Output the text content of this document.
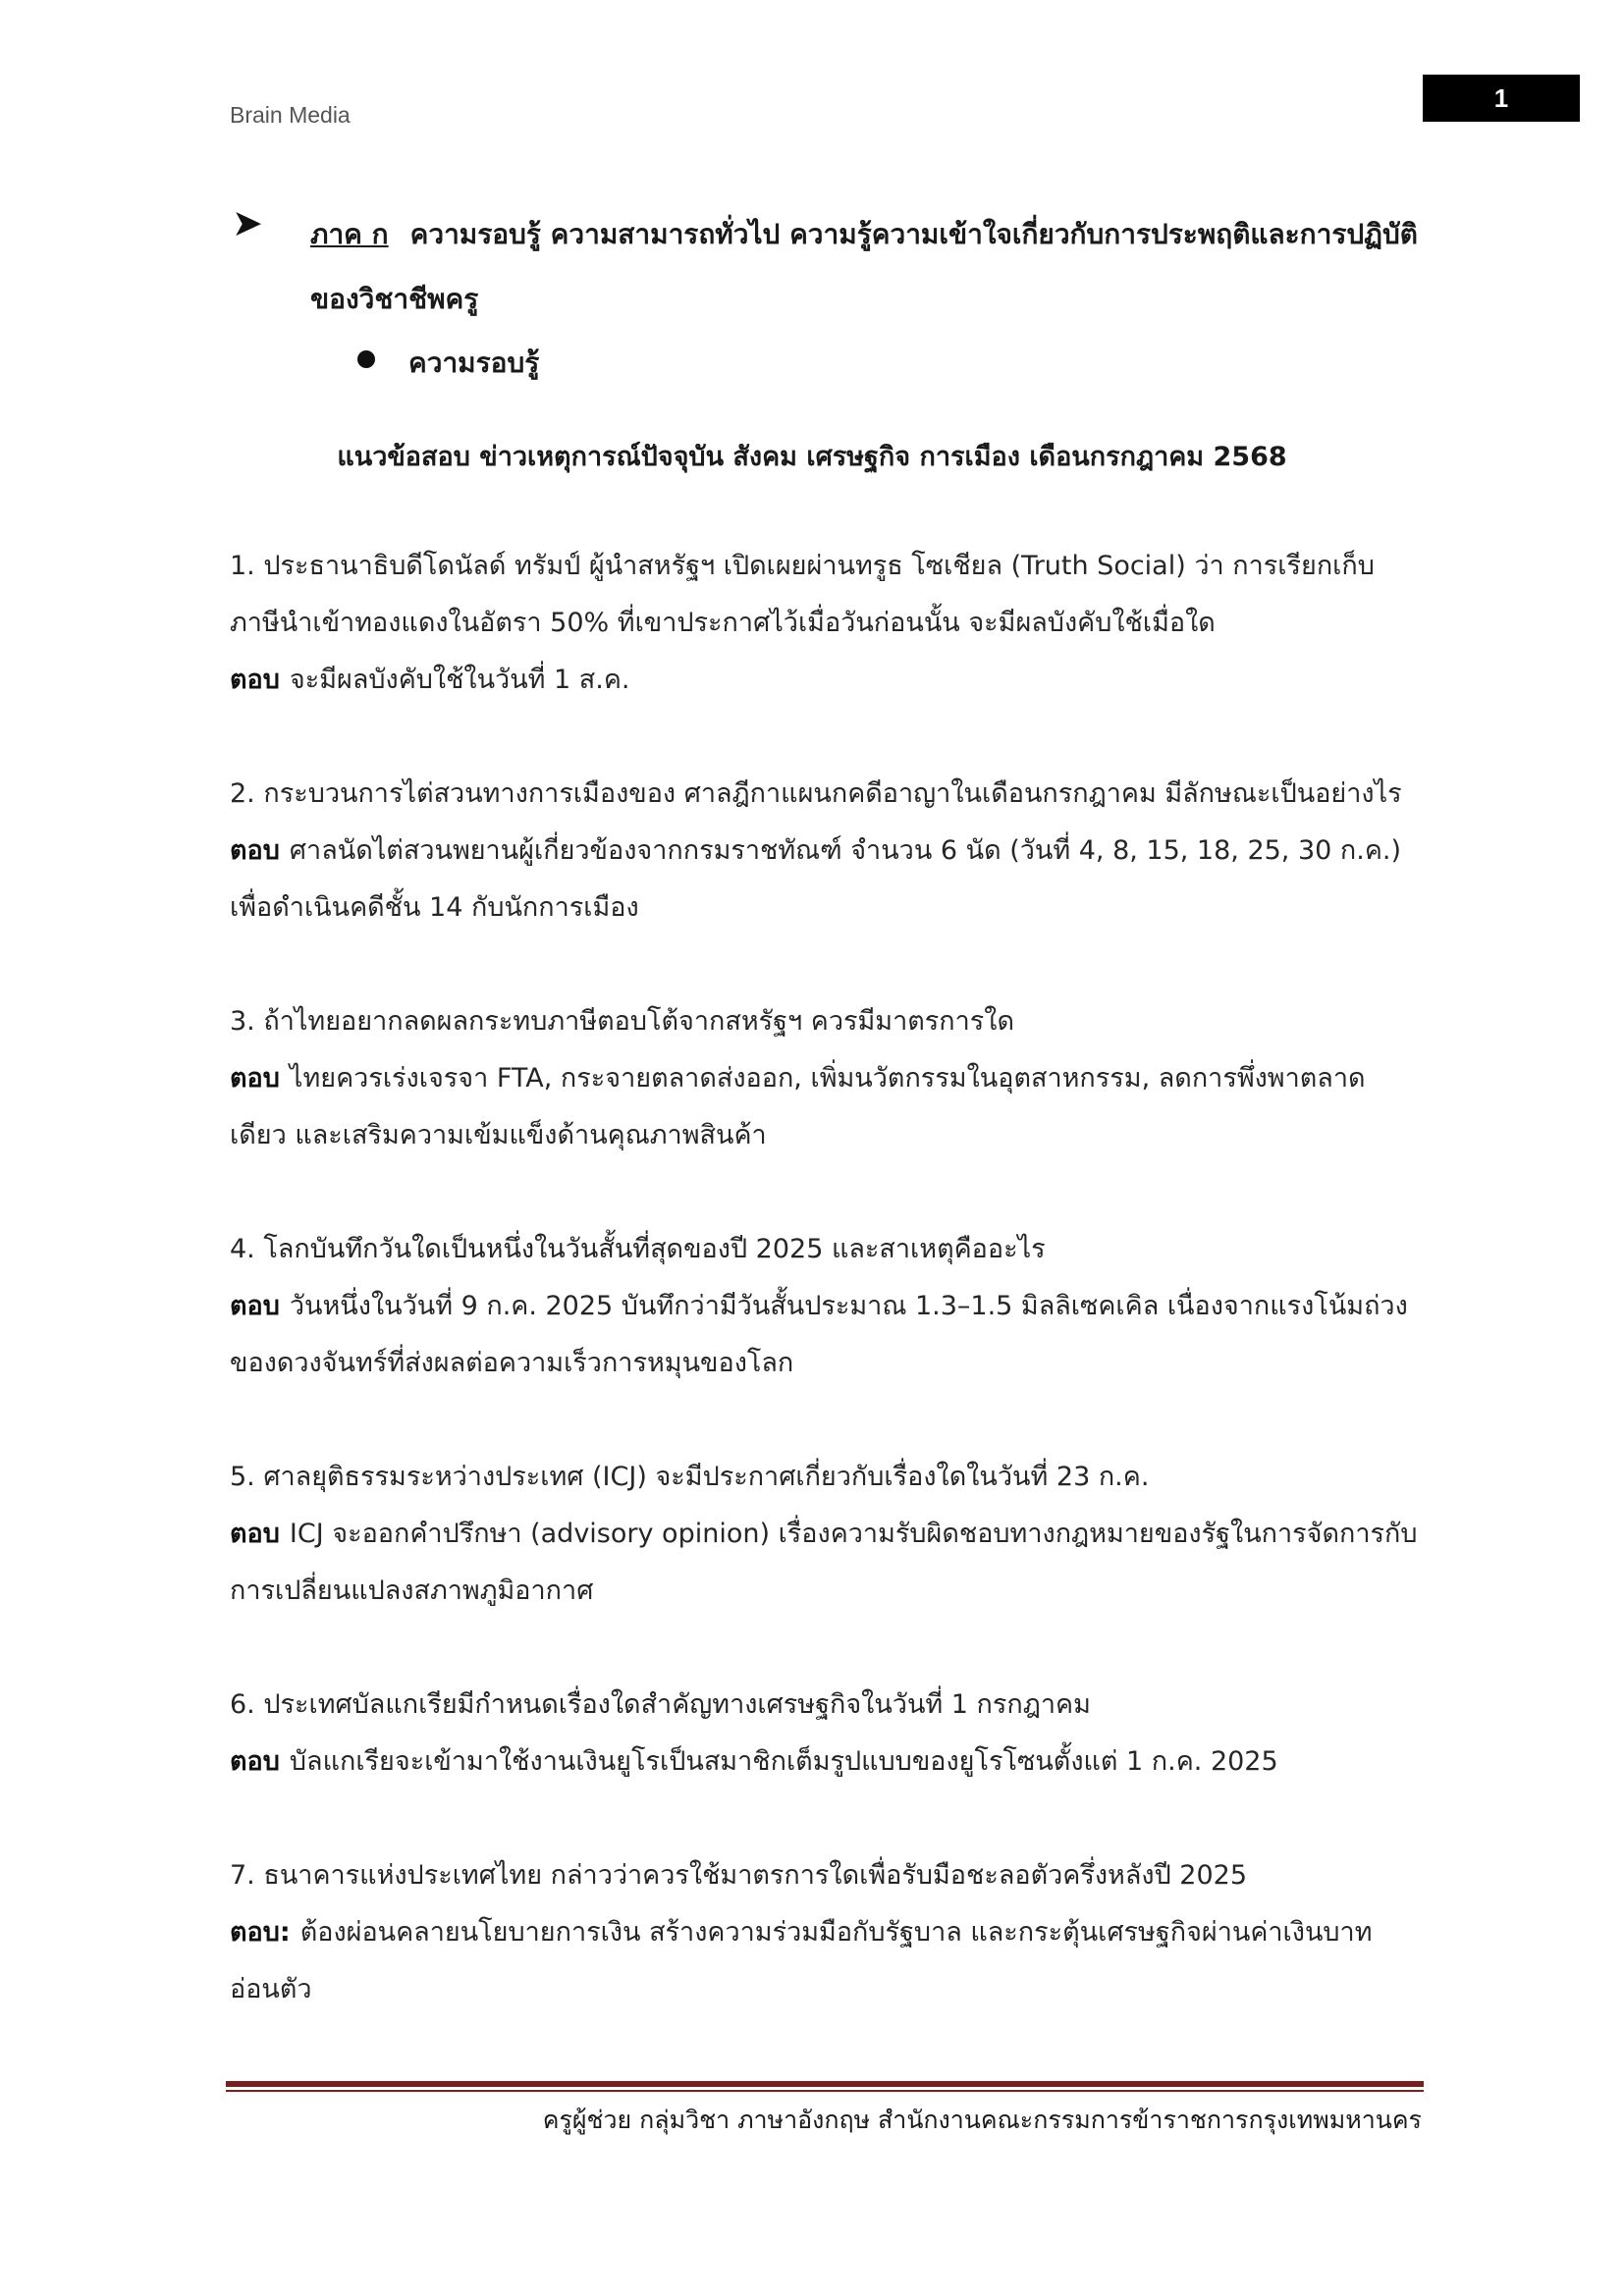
Brain Media
1
➤ ภาค ก ความรอบรู้ ความสามารถทั่วไป ความรู้ความเข้าใจเกี่ยวกับการประพฤติและการปฏิบัติของวิชาชีพครู
ความรอบรู้
แนวข้อสอบ ข่าวเหตุการณ์ปัจจุบัน สังคม เศรษฐกิจ การเมือง เดือนกรกฎาคม 2568
1. ประธานาธิบดีโดนัลด์ ทรัมป์ ผู้นำสหรัฐฯ เปิดเผยผ่านทรูธ โซเชียล (Truth Social) ว่า การเรียกเก็บภาษีนำเข้าทองแดงในอัตรา 50% ที่เขาประกาศไว้เมื่อวันก่อนนั้น จะมีผลบังคับใช้เมื่อใด
ตอบ จะมีผลบังคับใช้ในวันที่ 1 ส.ค.
2. กระบวนการไต่สวนทางการเมืองของ ศาลฎีกาแผนกคดีอาญาในเดือนกรกฎาคม มีลักษณะเป็นอย่างไร
ตอบ ศาลนัดไต่สวนพยานผู้เกี่ยวข้องจากกรมราชทัณฑ์ จำนวน 6 นัด (วันที่ 4, 8, 15, 18, 25, 30 ก.ค.) เพื่อดำเนินคดีชั้น 14 กับนักการเมือง
3. ถ้าไทยอยากลดผลกระทบภาษีตอบโต้จากสหรัฐฯ ควรมีมาตรการใด
ตอบ ไทยควรเร่งเจรจา FTA, กระจายตลาดส่งออก, เพิ่มนวัตกรรมในอุตสาหกรรม, ลดการพึ่งพาตลาดเดียว และเสริมความเข้มแข็งด้านคุณภาพสินค้า
4. โลกบันทึกวันใดเป็นหนึ่งในวันสั้นที่สุดของปี 2025 และสาเหตุคืออะไร
ตอบ วันหนึ่งในวันที่ 9 ก.ค. 2025 บันทึกว่ามีวันสั้นประมาณ 1.3–1.5 มิลลิเซคเคิล เนื่องจากแรงโน้มถ่วงของดวงจันทร์ที่ส่งผลต่อความเร็วการหมุนของโลก
5. ศาลยุติธรรมระหว่างประเทศ (ICJ) จะมีประกาศเกี่ยวกับเรื่องใดในวันที่ 23 ก.ค.
ตอบ ICJ จะออกคำปรึกษา (advisory opinion) เรื่องความรับผิดชอบทางกฎหมายของรัฐในการจัดการกับการเปลี่ยนแปลงสภาพภูมิอากาศ
6. ประเทศบัลแกเรียมีกำหนดเรื่องใดสำคัญทางเศรษฐกิจในวันที่ 1 กรกฎาคม
ตอบ บัลแกเรียจะเข้ามาใช้งานเงินยูโรเป็นสมาชิกเต็มรูปแบบของยูโรโซนตั้งแต่ 1 ก.ค. 2025
7. ธนาคารแห่งประเทศไทย กล่าวว่าควรใช้มาตรการใดเพื่อรับมือชะลอตัวครึ่งหลังปี 2025
ตอบ: ต้องผ่อนคลายนโยบายการเงิน สร้างความร่วมมือกับรัฐบาล และกระตุ้นเศรษฐกิจผ่านค่าเงินบาทอ่อนตัว
ครูผู้ช่วย กลุ่มวิชา ภาษาอังกฤษ สำนักงานคณะกรรมการข้าราชการกรุงเทพมหานคร
